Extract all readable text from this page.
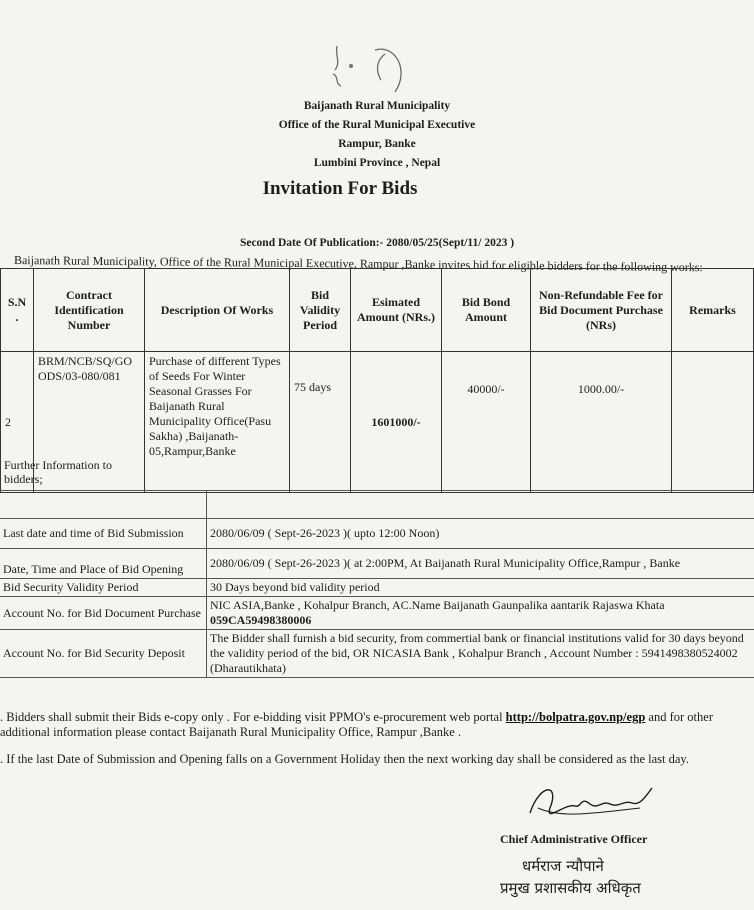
Baijanath Rural Municipality
Office of the Rural Municipal Executive
Rampur, Banke
Lumbini Province , Nepal
Invitation For Bids
Second Date Of Publication:- 2080/05/25(Sept/11/ 2023 )
Baijanath Rural Municipality, Office of the Rural Municipal Executive, Rampur ,Banke invites bid for eligible bidders for the following works:
S.N .	Contract Identification Number	Description Of Works	Bid Validity Period	Esimated Amount (NRs.)	Bid Bond Amount	Non-Refundable Fee for Bid Document Purchase (NRs)	Remarks
2	BRM/NCB/SQ/GO ODS/03-080/081	Purchase of different Types of Seeds For Winter Seasonal Grasses For Baijanath Rural Municipality Office(Pasu Sakha) ,Baijanath-05,Rampur,Banke	75 days	1601000/-	40000/-	1000.00/-	
Further Information to bidders;

Last date and time of Bid Submission	2080/06/09 ( Sept-26-2023 )( upto 12:00 Noon)
Date, Time and Place of Bid Opening	2080/06/09 ( Sept-26-2023 )( at 2:00PM, At Baijanath Rural Municipality Office,Rampur , Banke
Bid Security Validity Period	30 Days beyond bid validity period
Account No. for Bid Document Purchase	NIC ASIA,Banke , Kohalpur Branch, AC.Name Baijanath Gaunpalika aantarik Rajaswa Khata
059CA59498380006

Account No. for Bid Security Deposit	The Bidder shall furnish a bid security, from commertial bank or financial institutions valid for 30 days beyond the validity period of the bid, OR NICASIA Bank , Kohalpur Branch , Account Number : 5941498380524002 (Dharautikhata)
. Bidders shall submit their Bids e-copy only . For e-bidding visit PPMO's e-procurement web portal http://bolpatra.gov.np/egp and for other
additional information please contact Baijanath Rural Municipality Office, Rampur ,Banke .
. If the last Date of Submission and Opening falls on a Government Holiday then the next working day shall be considered as the last day.
Chief Administrative Officer
धर्मराज न्यौपाने
प्रमुख प्रशासकीय अधिकृत
